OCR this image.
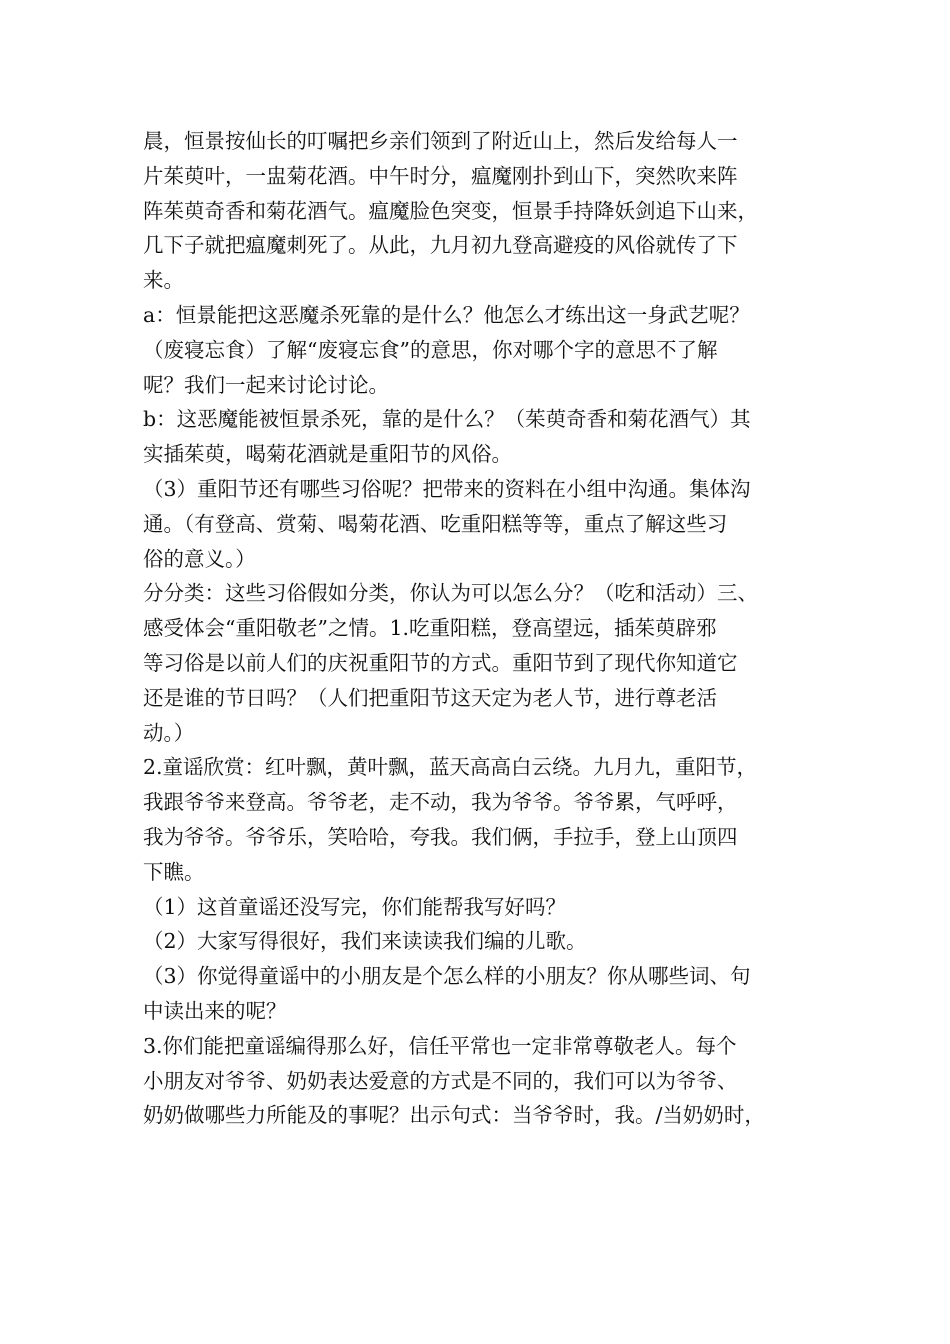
晨，恒景按仙长的叮嘱把乡亲们领到了附近山上，然后发给每人一
片茱萸叶，一盅菊花酒。中午时分，瘟魔刚扑到山下，突然吹来阵
阵茱萸奇香和菊花酒气。瘟魔脸色突变，恒景手持降妖剑追下山来，
几下子就把瘟魔刺死了。从此，九月初九登高避疫的风俗就传了下
来。
a：恒景能把这恶魔杀死靠的是什么？他怎么才练出这一身武艺呢？
（废寝忘食）了解“废寝忘食”的意思，你对哪个字的意思不了解
呢？我们一起来讨论讨论。
b：这恶魔能被恒景杀死，靠的是什么？（茱萸奇香和菊花酒气）其
实插茱萸，喝菊花酒就是重阳节的风俗。
（3）重阳节还有哪些习俗呢？把带来的资料在小组中沟通。集体沟
通。（有登高、赏菊、喝菊花酒、吃重阳糕等等，重点了解这些习
俗的意义。）
分分类：这些习俗假如分类，你认为可以怎么分？（吃和活动）三、
感受体会“重阳敬老”之情。1.吃重阳糕，登高望远，插茱萸辟邪
等习俗是以前人们的庆祝重阳节的方式。重阳节到了现代你知道它
还是谁的节日吗？（人们把重阳节这天定为老人节，进行尊老活
动。）
2.童谣欣赏：红叶飘，黄叶飘，蓝天高高白云绕。九月九，重阳节，
我跟爷爷来登高。爷爷老，走不动，我为爷爷。爷爷累，气呼呼，
我为爷爷。爷爷乐，笑哈哈，夸我。我们俩，手拉手，登上山顶四
下瞧。
（1）这首童谣还没写完，你们能帮我写好吗？
（2）大家写得很好，我们来读读我们编的儿歌。
（3）你觉得童谣中的小朋友是个怎么样的小朋友？你从哪些词、句
中读出来的呢？
3.你们能把童谣编得那么好，信任平常也一定非常尊敬老人。每个
小朋友对爷爷、奶奶表达爱意的方式是不同的，我们可以为爷爷、
奶奶做哪些力所能及的事呢？出示句式：当爷爷时，我。/当奶奶时，
